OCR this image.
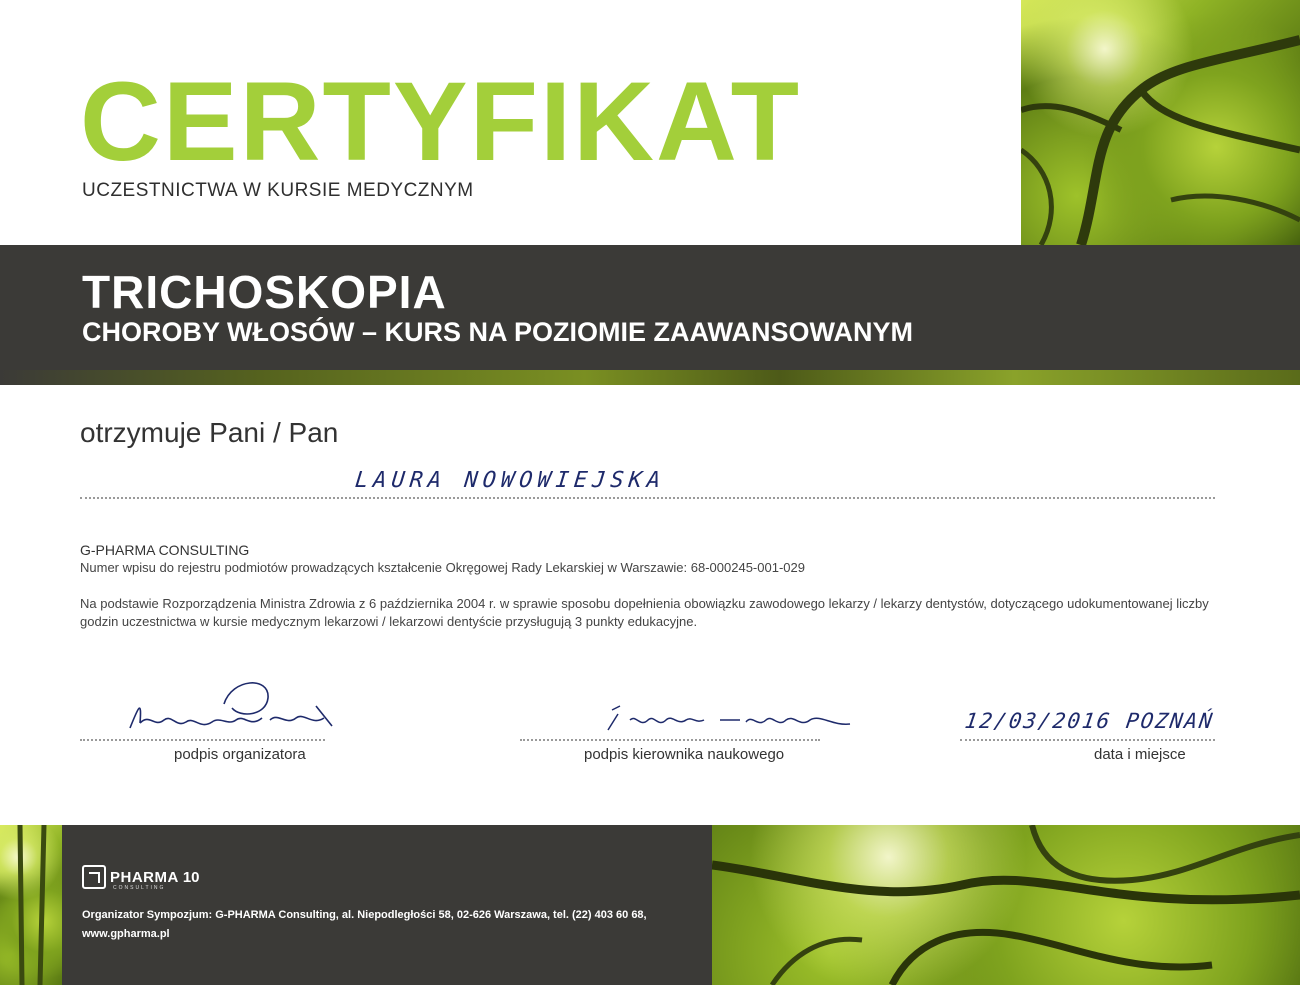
CERTYFIKAT

UCZESTNICTWA W KURSIE MEDYCZNYM

TRICHOSKOPIA

CHOROBY WŁOSÓW – KURS NA POZIOMIE ZAAWANSOWANYM

otrzymuje Pani / Pan

LAURA NOWOWIEJSKA

G-PHARMA CONSULTING

Numer wpisu do rejestru podmiotów prowadzących kształcenie Okręgowej Rady Lekarskiej w Warszawie: 68-000245-001-029

Na podstawie Rozporządzenia Ministra Zdrowia z 6 października 2004 r. w sprawie sposobu dopełnienia obowiązku zawodowego lekarzy / lekarzy dentystów, dotyczącego udokumentowanej liczby godzin uczestnictwa w kursie medycznym lekarzowi / lekarzowi dentyście przysługują 3 punkty edukacyjne.

podpis organizatora	podpis kierownika naukowego

12/03/2016 POZNAŃ

data i miejsce

PHARMA 10

CONSULTING

Organizator Sympozjum: G-PHARMA Consulting, al. Niepodległości 58, 02-626 Warszawa, tel. (22) 403 60 68,

www.gpharma.pl
